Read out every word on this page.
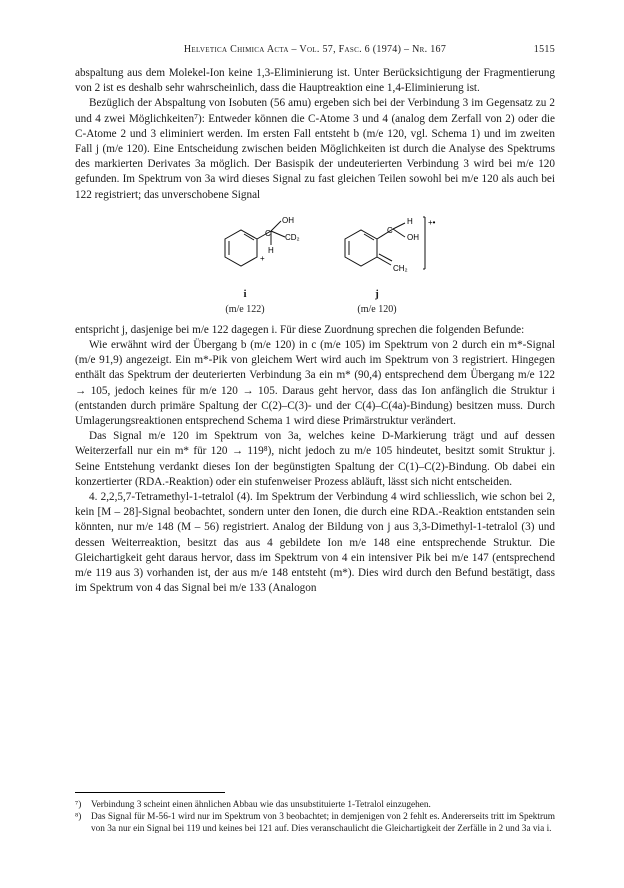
Helvetica Chimica Acta – Vol. 57, Fasc. 6 (1974) – Nr. 167	1515

abspaltung aus dem Molekel-Ion keine 1,3-Eliminierung ist. Unter Berücksichtigung der Fragmentierung von 2 ist es deshalb sehr wahrscheinlich, dass die Hauptreaktion eine 1,4-Eliminierung ist.

Bezüglich der Abspaltung von Isobuten (56 amu) ergeben sich bei der Verbindung 3 im Gegensatz zu 2 und 4 zwei Möglichkeiten⁷): Entweder können die C-Atome 3 und 4 (analog dem Zerfall von 2) oder die C-Atome 2 und 3 eliminiert werden. Im ersten Fall entsteht b (m/e 120, vgl. Schema 1) und im zweiten Fall j (m/e 120). Eine Entscheidung zwischen beiden Möglichkeiten ist durch die Analyse des Spektrums des markierten Derivates 3a möglich. Der Basispik der undeuterierten Verbindung 3 wird bei m/e 120 gefunden. Im Spektrum von 3a wird dieses Signal zu fast gleichen Teilen sowohl bei m/e 120 als auch bei 122 registriert; das unverschobene Signal

OH
C CD₂
H
+
H
C
OH
CH₂
+•
i
(m/e 122)
j
(m/e 120)

entspricht j, dasjenige bei m/e 122 dagegen i. Für diese Zuordnung sprechen die folgenden Befunde:

Wie erwähnt wird der Übergang b (m/e 120) in c (m/e 105) im Spektrum von 2 durch ein m*-Signal (m/e 91,9) angezeigt. Ein m*-Pik von gleichem Wert wird auch im Spektrum von 3 registriert. Hingegen enthält das Spektrum der deuterierten Verbindung 3a ein m* (90,4) entsprechend dem Übergang m/e 122 → 105, jedoch keines für m/e 120 → 105. Daraus geht hervor, dass das Ion anfänglich die Struktur i (entstanden durch primäre Spaltung der C(2)–C(3)- und der C(4)–C(4a)-Bindung) besitzen muss. Durch Umlagerungsreaktionen entsprechend Schema 1 wird diese Primärstruktur verändert.

Das Signal m/e 120 im Spektrum von 3a, welches keine D-Markierung trägt und auf dessen Weiterzerfall nur ein m* für 120 → 119⁸), nicht jedoch zu m/e 105 hindeutet, besitzt somit Struktur j. Seine Entstehung verdankt dieses Ion der begünstigten Spaltung der C(1)–C(2)-Bindung. Ob dabei ein konzertierter (RDA.-Reaktion) oder ein stufenweiser Prozess abläuft, lässt sich nicht entscheiden.

4. 2,2,5,7-Tetramethyl-1-tetralol (4). Im Spektrum der Verbindung 4 wird schliesslich, wie schon bei 2, kein [M – 28]-Signal beobachtet, sondern unter den Ionen, die durch eine RDA.-Reaktion entstanden sein könnten, nur m/e 148 (M – 56) registriert. Analog der Bildung von j aus 3,3-Dimethyl-1-tetralol (3) und dessen Weiterreaktion, besitzt das aus 4 gebildete Ion m/e 148 eine entsprechende Struktur. Die Gleichartigkeit geht daraus hervor, dass im Spektrum von 4 ein intensiver Pik bei m/e 147 (entsprechend m/e 119 aus 3) vorhanden ist, der aus m/e 148 entsteht (m*). Dies wird durch den Befund bestätigt, dass im Spektrum von 4 das Signal bei m/e 133 (Analogon

⁷)	Verbindung 3 scheint einen ähnlichen Abbau wie das unsubstituierte 1-Tetralol einzugehen.
⁸)	Das Signal für M-56-1 wird nur im Spektrum von 3 beobachtet; in demjenigen von 2 fehlt es. Andererseits tritt im Spektrum von 3a nur ein Signal bei 119 und keines bei 121 auf. Dies veranschaulicht die Gleichartigkeit der Zerfälle in 2 und 3a via i.
